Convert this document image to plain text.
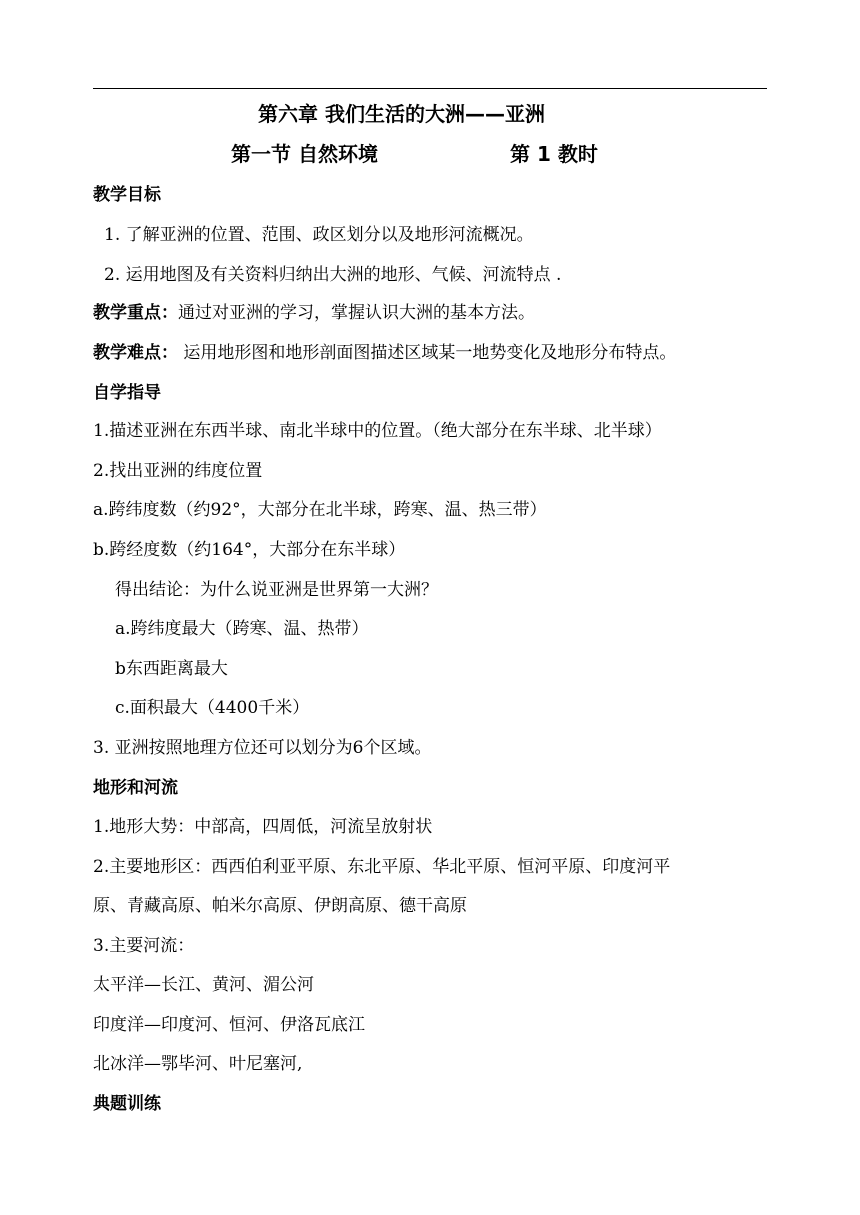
第六章 我们生活的大洲——亚洲
第一节 自然环境	第 1 教时
教学目标
1. 了解亚洲的位置、范围、政区划分以及地形河流概况。
2. 运用地图及有关资料归纳出大洲的地形、气候、河流特点 .
教学重点：通过对亚洲的学习，掌握认识大洲的基本方法。
教学难点： 运用地形图和地形剖面图描述区域某一地势变化及地形分布特点。
自学指导
1.描述亚洲在东西半球、南北半球中的位置。（绝大部分在东半球、北半球）
2.找出亚洲的纬度位置
a.跨纬度数（约92°，大部分在北半球，跨寒、温、热三带）
b.跨经度数（约164°，大部分在东半球）
得出结论：为什么说亚洲是世界第一大洲？
a.跨纬度最大（跨寒、温、热带）
b东西距离最大
c.面积最大（4400千米）
3. 亚洲按照地理方位还可以划分为6个区域。
地形和河流
1.地形大势：中部高，四周低，河流呈放射状
2.主要地形区：西西伯利亚平原、东北平原、华北平原、恒河平原、印度河平
原、青藏高原、帕米尔高原、伊朗高原、德干高原
3.主要河流：
太平洋—长江、黄河、湄公河
印度洋—印度河、恒河、伊洛瓦底江
北冰洋—鄂毕河、叶尼塞河,
典题训练
